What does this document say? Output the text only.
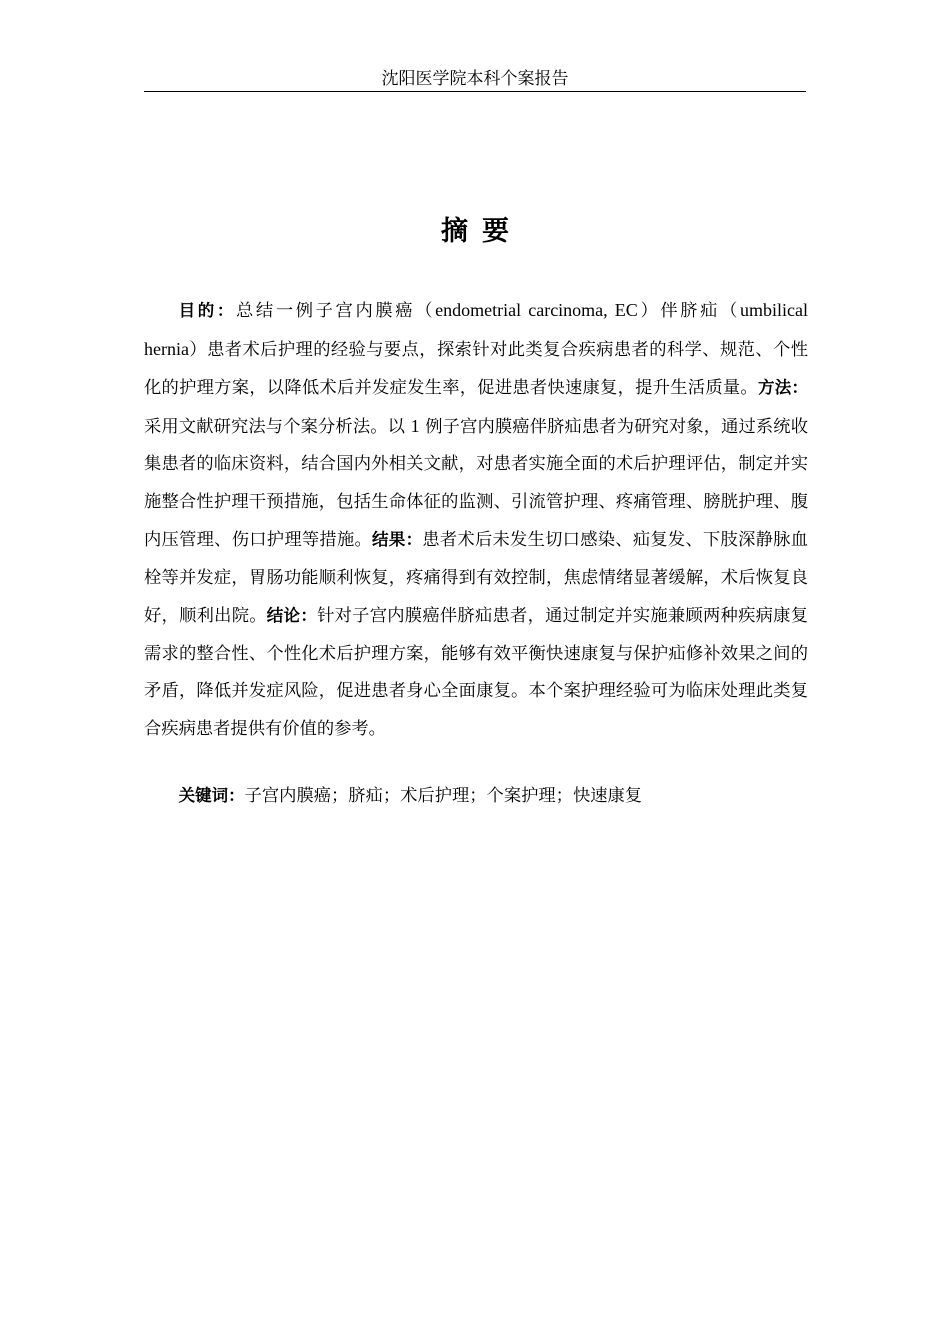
沈阳医学院本科个案报告
摘要

目的：总结一例子宫内膜癌（endometrial carcinoma, EC）伴脐疝（umbilical hernia）患者术后护理的经验与要点，探索针对此类复合疾病患者的科学、规范、个性化的护理方案，以降低术后并发症发生率，促进患者快速康复，提升生活质量。方法：采用文献研究法与个案分析法。以 1 例子宫内膜癌伴脐疝患者为研究对象，通过系统收集患者的临床资料，结合国内外相关文献，对患者实施全面的术后护理评估，制定并实施整合性护理干预措施，包括生命体征的监测、引流管护理、疼痛管理、膀胱护理、腹内压管理、伤口护理等措施。结果：患者术后未发生切口感染、疝复发、下肢深静脉血栓等并发症，胃肠功能顺利恢复，疼痛得到有效控制，焦虑情绪显著缓解，术后恢复良好，顺利出院。结论：针对子宫内膜癌伴脐疝患者，通过制定并实施兼顾两种疾病康复需求的整合性、个性化术后护理方案，能够有效平衡快速康复与保护疝修补效果之间的矛盾，降低并发症风险，促进患者身心全面康复。本个案护理经验可为临床处理此类复合疾病患者提供有价值的参考。

关键词：子宫内膜癌；脐疝；术后护理；个案护理；快速康复
